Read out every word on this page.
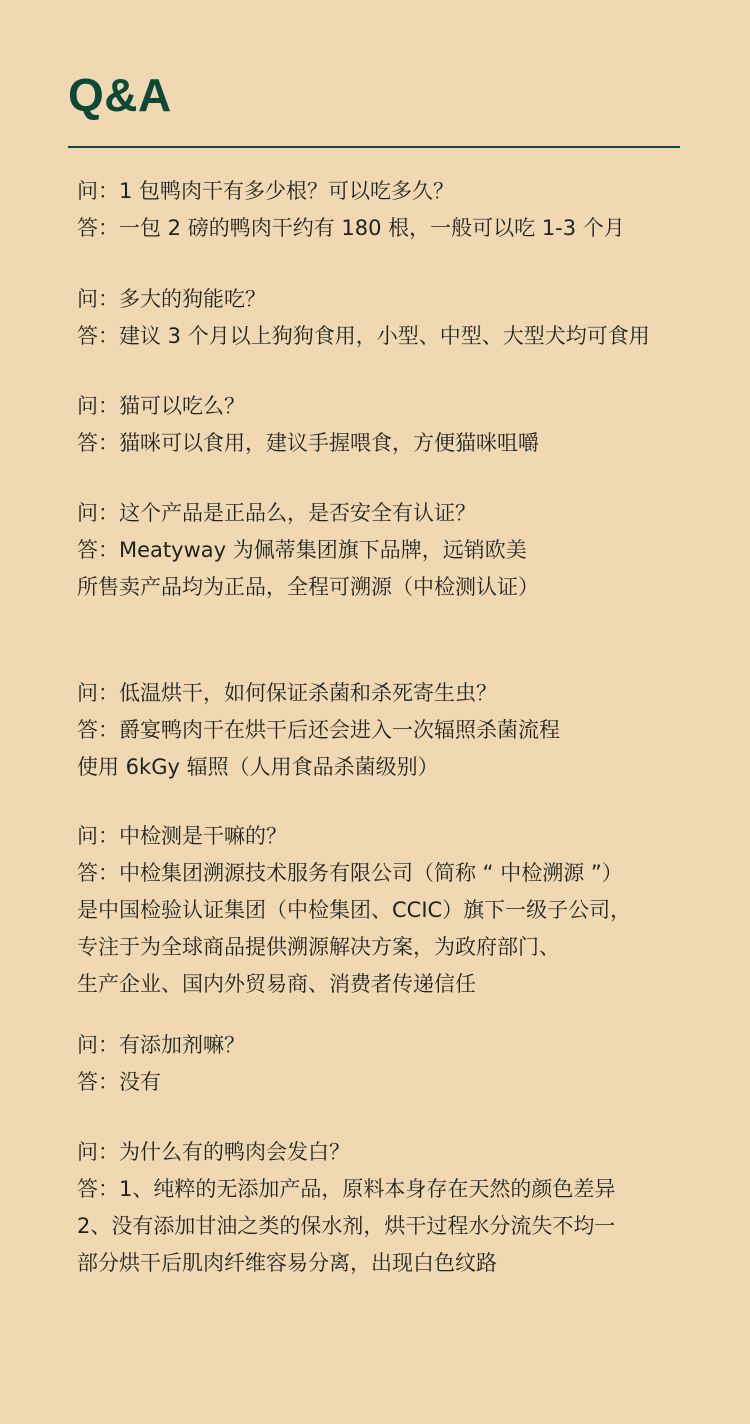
Q&A
问：1 包鸭肉干有多少根？可以吃多久？
答：一包 2 磅的鸭肉干约有 180 根，一般可以吃 1-3 个月
问：多大的狗能吃？
答：建议 3 个月以上狗狗食用，小型、中型、大型犬均可食用
问：猫可以吃么？
答：猫咪可以食用，建议手握喂食，方便猫咪咀嚼
问：这个产品是正品么，是否安全有认证？
答：Meatyway 为佩蒂集团旗下品牌，远销欧美
所售卖产品均为正品，全程可溯源（中检测认证）
问：低温烘干，如何保证杀菌和杀死寄生虫？
答：爵宴鸭肉干在烘干后还会进入一次辐照杀菌流程
使用 6kGy 辐照（人用食品杀菌级别）
问：中检测是干嘛的？
答：中检集团溯源技术服务有限公司（简称 “ 中检溯源 ”）
是中国检验认证集团（中检集团、CCIC）旗下一级子公司，
专注于为全球商品提供溯源解决方案，为政府部门、
生产企业、国内外贸易商、消费者传递信任
问：有添加剂嘛？
答：没有
问：为什么有的鸭肉会发白？
答：1、纯粹的无添加产品，原料本身存在天然的颜色差异
2、没有添加甘油之类的保水剂，烘干过程水分流失不均一
部分烘干后肌肉纤维容易分离，出现白色纹路
